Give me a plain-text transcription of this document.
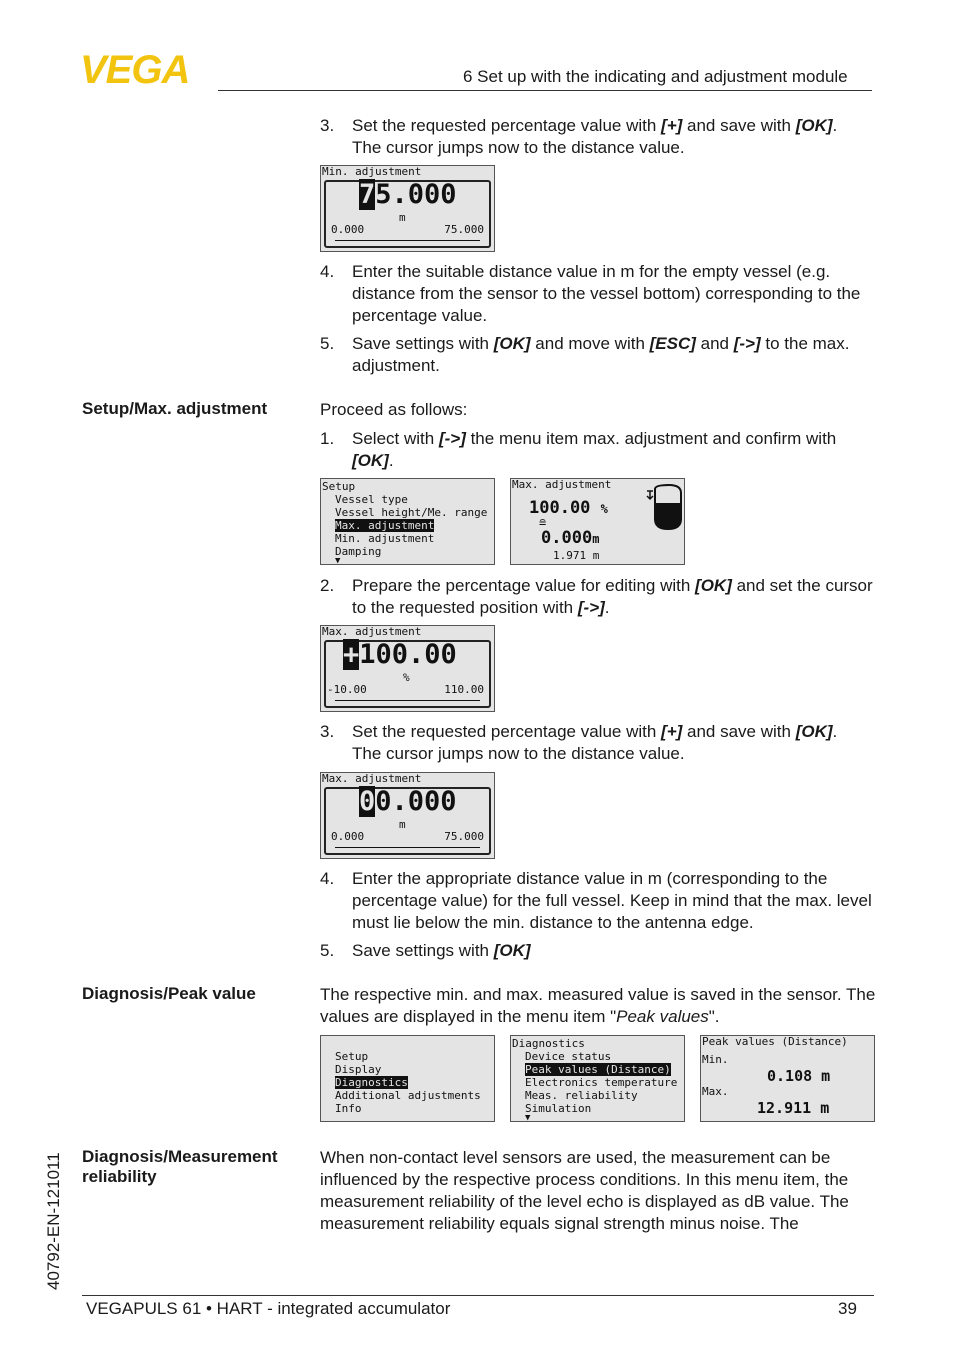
VEGA	6 Set up with the indicating and adjustment module
3. Set the requested percentage value with [+] and save with [OK].
The cursor jumps now to the distance value.
Min. adjustment
75.000
m
0.000	75.000
4. Enter the suitable distance value in m for the empty vessel (e.g. distance from the sensor to the vessel bottom) corresponding to the percentage value.
5. Save settings with [OK] and move with [ESC] and [->] to the max. adjustment.
Setup/Max. adjustment	Proceed as follows:
1. Select with [->] the menu item max. adjustment and confirm with [OK].
Setup
Vessel type
Vessel height/Me. range
Max. adjustment
Min. adjustment
Damping
▼
Max. adjustment
100.00 %
≘
0.000m
1.971 m
2. Prepare the percentage value for editing with [OK] and set the cursor to the requested position with [->].
Max. adjustment
+100.00
%
-10.00	110.00
3. Set the requested percentage value with [+] and save with [OK].
The cursor jumps now to the distance value.
Max. adjustment
00.000
m
0.000	75.000
4. Enter the appropriate distance value in m (corresponding to the percentage value) for the full vessel. Keep in mind that the max. level must lie below the min. distance to the antenna edge.
5. Save settings with [OK]
Diagnosis/Peak value	The respective min. and max. measured value is saved in the sensor. The values are displayed in the menu item "Peak values".
Setup
Display
Diagnostics
Additional adjustments
Info
Diagnostics
Device status
Peak values (Distance)
Electronics temperature
Meas. reliability
Simulation
▼
Peak values (Distance)
Min.
0.108 m
Max.
12.911 m
Diagnosis/Measurement reliability
When non-contact level sensors are used, the measurement can be influenced by the respective process conditions. In this menu item, the measurement reliability of the level echo is displayed as dB value. The measurement reliability equals signal strength minus noise. The
40792-EN-121011
VEGAPULS 61 • HART - integrated accumulator	39
